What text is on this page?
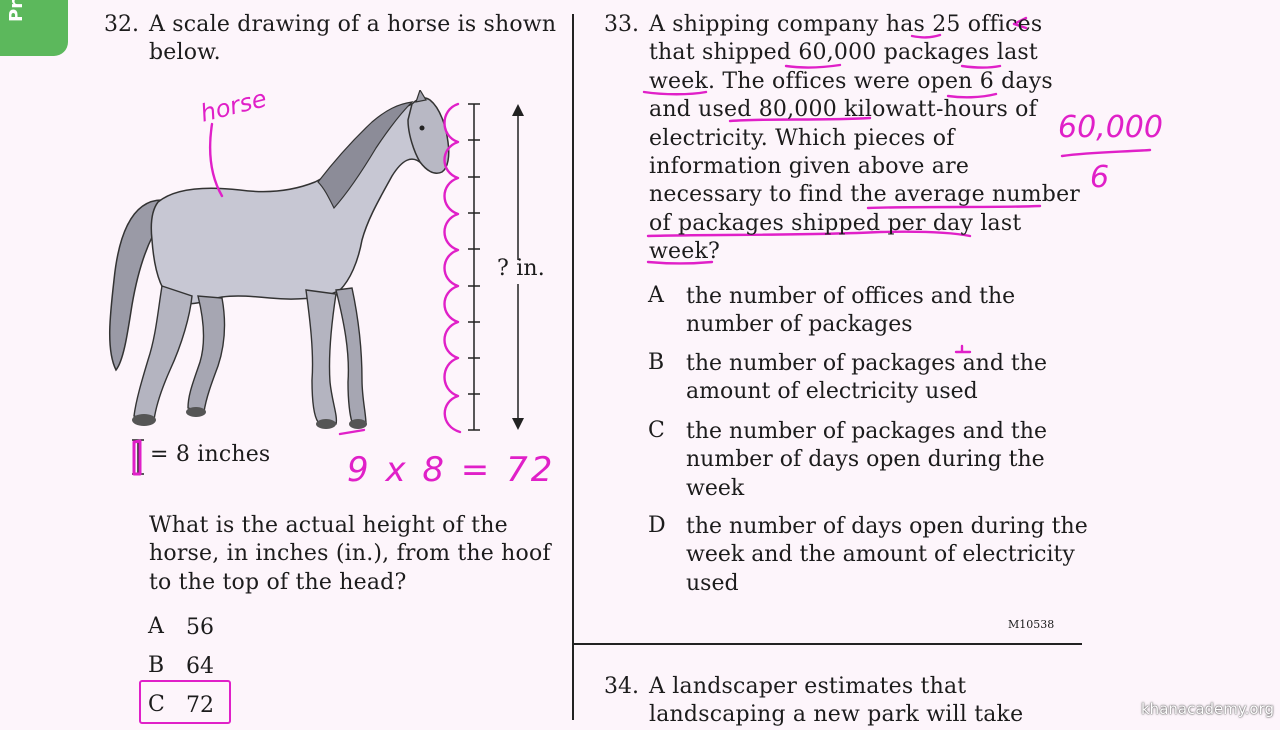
Pr
32. A scale drawing of a horse is shown
below.
? in.
= 8 inches
What is the actual height of the
horse, in inches (in.), from the hoof
to the top of the head?
A 56
B 64
C 72
horse
9 x 8 = 72
60,000
6
33. A shipping company has 25 offices
that shipped 60,000 packages last
week. The offices were open 6 days
and used 80,000 kilowatt-hours of
electricity. Which pieces of
information given above are
necessary to find the average number
of packages shipped per day last
week?
A the number of offices and the
number of packages
B the number of packages and the
amount of electricity used
C the number of packages and the
number of days open during the
week
D the number of days open during the
week and the amount of electricity
used
M10538
34. A landscaper estimates that
landscaping a new park will take	khanacademy.org
